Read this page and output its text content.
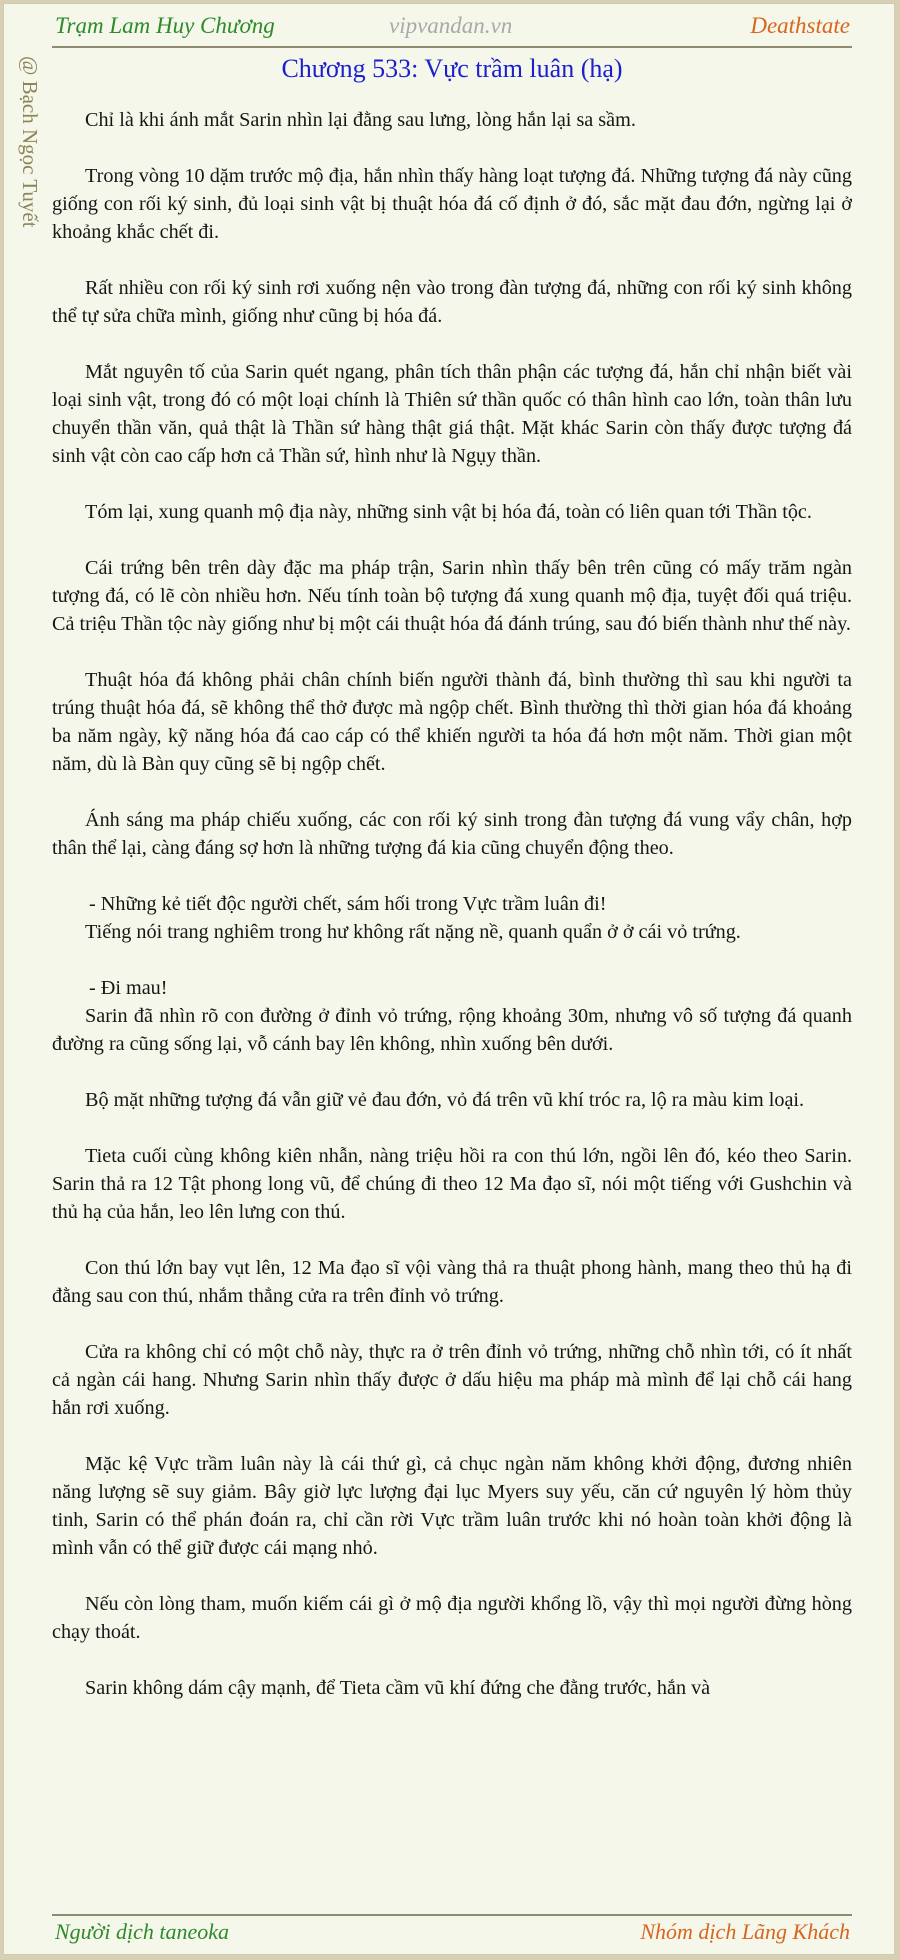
Trạm Lam Huy Chương	vipvandan.vn	Deathstate
@ Bạch Ngọc Tuyết	Chương 533: Vực trầm luân (hạ)

Chỉ là khi ánh mắt Sarin nhìn lại đằng sau lưng, lòng hắn lại sa sầm.

Trong vòng 10 dặm trước mộ địa, hắn nhìn thấy hàng loạt tượng đá. Những tượng đá này cũng giống con rối ký sinh, đủ loại sinh vật bị thuật hóa đá cố định ở đó, sắc mặt đau đớn, ngừng lại ở khoảng khắc chết đi.

Rất nhiều con rối ký sinh rơi xuống nện vào trong đàn tượng đá, những con rối ký sinh không thể tự sửa chữa mình, giống như cũng bị hóa đá.

Mắt nguyên tố của Sarin quét ngang, phân tích thân phận các tượng đá, hắn chỉ nhận biết vài loại sinh vật, trong đó có một loại chính là Thiên sứ thần quốc có thân hình cao lớn, toàn thân lưu chuyển thần văn, quả thật là Thần sứ hàng thật giá thật. Mặt khác Sarin còn thấy được tượng đá sinh vật còn cao cấp hơn cả Thần sứ, hình như là Ngụy thần.

Tóm lại, xung quanh mộ địa này, những sinh vật bị hóa đá, toàn có liên quan tới Thần tộc.

Cái trứng bên trên dày đặc ma pháp trận, Sarin nhìn thấy bên trên cũng có mấy trăm ngàn tượng đá, có lẽ còn nhiều hơn. Nếu tính toàn bộ tượng đá xung quanh mộ địa, tuyệt đối quá triệu. Cả triệu Thần tộc này giống như bị một cái thuật hóa đá đánh trúng, sau đó biến thành như thế này.

Thuật hóa đá không phải chân chính biến người thành đá, bình thường thì sau khi người ta trúng thuật hóa đá, sẽ không thể thở được mà ngộp chết. Bình thường thì thời gian hóa đá khoảng ba năm ngày, kỹ năng hóa đá cao cáp có thể khiến người ta hóa đá hơn một năm. Thời gian một năm, dù là Bàn quy cũng sẽ bị ngộp chết.

Ánh sáng ma pháp chiếu xuống, các con rối ký sinh trong đàn tượng đá vung vẩy chân, hợp thân thể lại, càng đáng sợ hơn là những tượng đá kia cũng chuyển động theo.

- Những kẻ tiết độc người chết, sám hối trong Vực trầm luân đi!

Tiếng nói trang nghiêm trong hư không rất nặng nề, quanh quẩn ở ở cái vỏ trứng.

- Đi mau!

Sarin đã nhìn rõ con đường ở đỉnh vỏ trứng, rộng khoảng 30m, nhưng vô số tượng đá quanh đường ra cũng sống lại, vỗ cánh bay lên không, nhìn xuống bên dưới.

Bộ mặt những tượng đá vẫn giữ vẻ đau đớn, vỏ đá trên vũ khí tróc ra, lộ ra màu kim loại.

Tieta cuối cùng không kiên nhẫn, nàng triệu hồi ra con thú lớn, ngồi lên đó, kéo theo Sarin. Sarin thả ra 12 Tật phong long vũ, để chúng đi theo 12 Ma đạo sĩ, nói một tiếng với Gushchin và thủ hạ của hắn, leo lên lưng con thú.

Con thú lớn bay vụt lên, 12 Ma đạo sĩ vội vàng thả ra thuật phong hành, mang theo thủ hạ đi đằng sau con thú, nhắm thẳng cửa ra trên đỉnh vỏ trứng.

Cửa ra không chỉ có một chỗ này, thực ra ở trên đỉnh vỏ trứng, những chỗ nhìn tới, có ít nhất cả ngàn cái hang. Nhưng Sarin nhìn thấy được ở dấu hiệu ma pháp mà mình để lại chỗ cái hang hắn rơi xuống.

Mặc kệ Vực trầm luân này là cái thứ gì, cả chục ngàn năm không khởi động, đương nhiên năng lượng sẽ suy giảm. Bây giờ lực lượng đại lục Myers suy yếu, căn cứ nguyên lý hòm thủy tinh, Sarin có thể phán đoán ra, chỉ cần rời Vực trầm luân trước khi nó hoàn toàn khởi động là mình vẫn có thể giữ được cái mạng nhỏ.

Nếu còn lòng tham, muốn kiếm cái gì ở mộ địa người khổng lồ, vậy thì mọi người đừng hòng chạy thoát.

Sarin không dám cậy mạnh, để Tieta cầm vũ khí đứng che đằng trước, hắn và

Người dịch taneoka	Nhóm dịch Lãng Khách
